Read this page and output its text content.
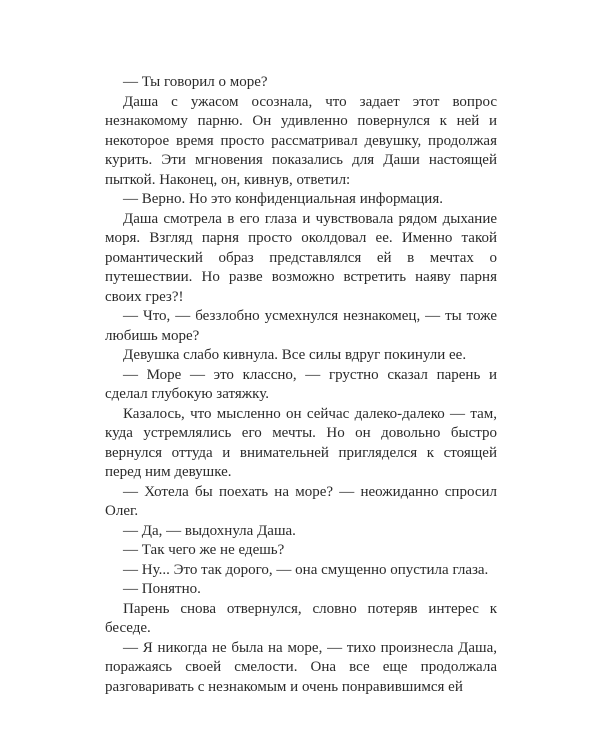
— Ты говорил о море?

Даша с ужасом осознала, что задает этот вопрос незнакомому парню. Он удивленно повернулся к ней и некоторое время просто рассматривал девушку, продолжая курить. Эти мгновения показались для Даши настоящей пыткой. Наконец, он, кивнув, ответил:

— Верно. Но это конфиденциальная информация.

Даша смотрела в его глаза и чувствовала рядом дыхание моря. Взгляд парня просто околдовал ее. Именно такой романтический образ представлялся ей в мечтах о путешествии. Но разве возможно встретить наяву парня своих грез?!

— Что, — беззлобно усмехнулся незнакомец, — ты тоже любишь море?

Девушка слабо кивнула. Все силы вдруг покинули ее.

— Море — это классно, — грустно сказал парень и сделал глубокую затяжку.

Казалось, что мысленно он сейчас далеко-далеко — там, куда устремлялись его мечты. Но он довольно быстро вернулся оттуда и внимательней пригляделся к стоящей перед ним девушке.

— Хотела бы поехать на море? — неожиданно спросил Олег.

— Да, — выдохнула Даша.

— Так чего же не едешь?

— Ну... Это так дорого, — она смущенно опустила глаза.

— Понятно.

Парень снова отвернулся, словно потеряв интерес к беседе.

— Я никогда не была на море, — тихо произнесла Даша, поражаясь своей смелости. Она все еще продолжала разговаривать с незнакомым и очень понравившимся ей
